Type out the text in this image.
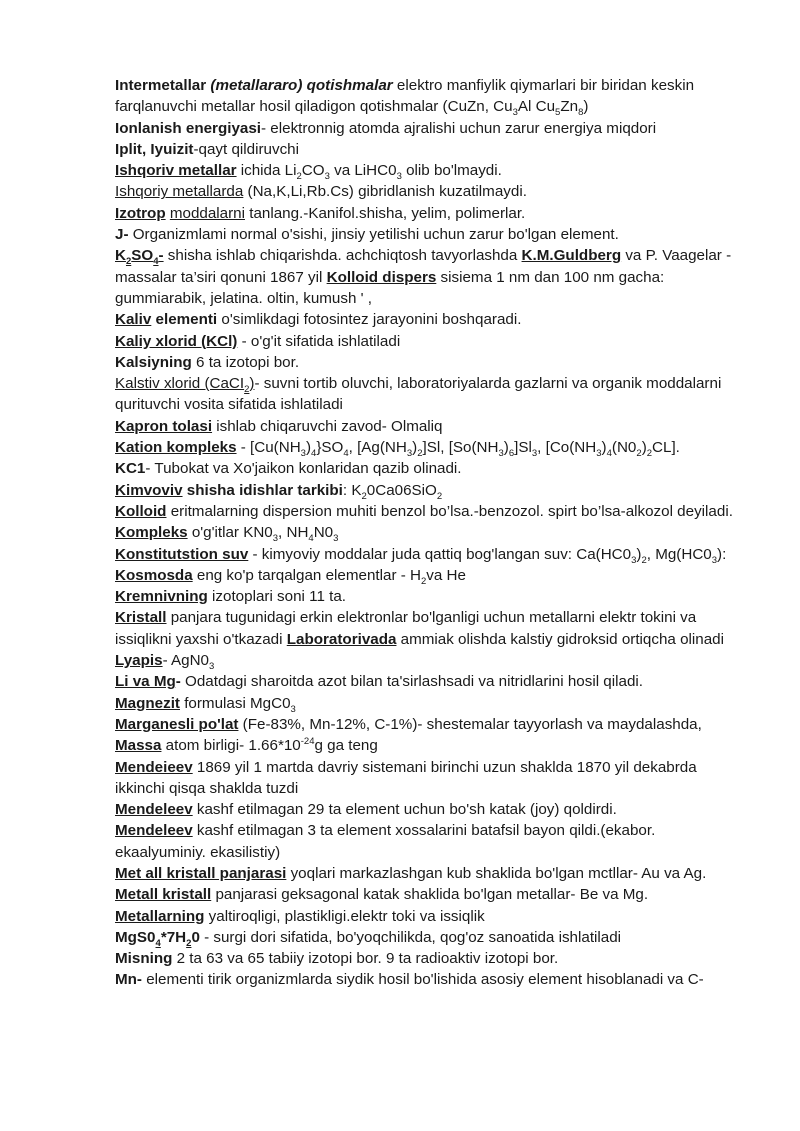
Intermetallar (metallararo) qotishmalar elektro manfiylik qiymarlari bir biridan keskin farqlanuvchi metallar hosil qiladigon qotishmalar (CuZn, $Cu_3Al$ $Cu_5Zn_8$)

Ionlanish energiyasi- elektronnig atomda ajralishi uchun zarur energiya miqdori

Iplit, Iyuizit-qayt qildiruvchi

Ishqoriv metallar ichida $Li_2CO_3$ va $LiHC0_3$ olib bo'lmaydi.

Ishqoriy metallarda (Na,K,Li,Rb.Cs) gibridlanish kuzatilmaydi.

Izotrop moddalarni tanlang.-Kanifol.shisha, yelim, polimerlar.

J- Organizmlami normal o'sishi, jinsiy yetilishi uchun zarur bo'lgan element.

$K_2SO_4-$ shisha ishlab chiqarishda. achchiqtosh tavyorlashda K.M.Guldberg va P. Vaagelar - massalar ta’siri qonuni 1867 yil Kolloid dispers sisiema 1 nm dan 100 nm gacha: gummiarabik, jelatina. oltin, kumush ' ,

Kaliv elementi o'simlikdagi fotosintez jarayonini boshqaradi.

Kaliy xlorid (KCl) - o'g'it sifatida ishlatiladi

Kalsiyning 6 ta izotopi bor.

Kalstiv xlorid (CaCI$_2$)- suvni tortib oluvchi, laboratoriyalarda gazlarni va organik moddalarni qurituvchi vosita sifatida ishlatiladi

Kapron tolasi ishlab chiqaruvchi zavod- Olmaliq

Kation kompleks - $[Cu(NH_3)_4\}SO_4$, $[Ag(NH_3)_2]Sl$, $[So(NH_3)_6]Sl_3$, $[Co(NH_3)_4(N0_2)_2CL]$.

KC1- Tubokat va Xo'jaikon konlaridan qazib olinadi.

Kimvoviv shisha idishlar tarkibi: $K_20Ca06SiO_2$

Kolloid eritmalarning dispersion muhiti benzol bo’lsa.-benzozol. spirt bo’lsa-alkozol deyiladi.

Kompleks o'g'itlar $KN0_3$, $NH_4N0_3$

Konstitutstion suv - kimyoviy moddalar juda qattiq bog'langan suv: $Ca(HC0_3)_2$, $Mg(HC0_3)$:

Kosmosda eng ko'p tarqalgan elementlar - $H_2va$ He

Kremnivning izotoplari soni 11 ta.

Kristall panjara tugunidagi erkin elektronlar bo'lganligi uchun metallarni elektr tokini va issiqlikni yaxshi o'tkazadi Laboratorivada ammiak olishda kalstiy gidroksid ortiqcha olinadi Lyapis- $AgN0_3$

Li va Mg- Odatdagi sharoitda azot bilan ta'sirlashsadi va nitridlarini hosil qiladi.

Magnezit formulasi $MgC0_3$

Marganesli po'lat (Fe-83%, Mn-12%, C-1%)- shestemalar tayyorlash va maydalashda,

Massa atom birligi- $1.66*10^{-24}g$ ga teng

Mendeieev 1869 yil 1 martda davriy sistemani birinchi uzun shaklda 1870 yil dekabrda ikkinchi qisqa shaklda tuzdi

Mendeleev kashf etilmagan 29 ta element uchun bo'sh katak (joy) qoldirdi.

Mendeleev kashf etilmagan 3 ta element xossalarini batafsil bayon qildi.(ekabor. ekaalyuminiy. ekasilistiy)

Met all kristall panjarasi yoqlari markazlashgan kub shaklida bo'lgan mctllar- Au va Ag.

Metall kristall panjarasi geksagonal katak shaklida bo'lgan metallar- Be va Mg.

Metallarning yaltiroqligi, plastikligi.elektr toki va issiqlik

$MgS0_4*7H_20$ - surgi dori sifatida, bo'yoqchilikda, qog'oz sanoatida ishlatiladi

Misning 2 ta 63 va 65 tabiiy izotopi bor. 9 ta radioaktiv izotopi bor.

Mn- elementi tirik organizmlarda siydik hosil bo'lishida asosiy element hisoblanadi va C-
